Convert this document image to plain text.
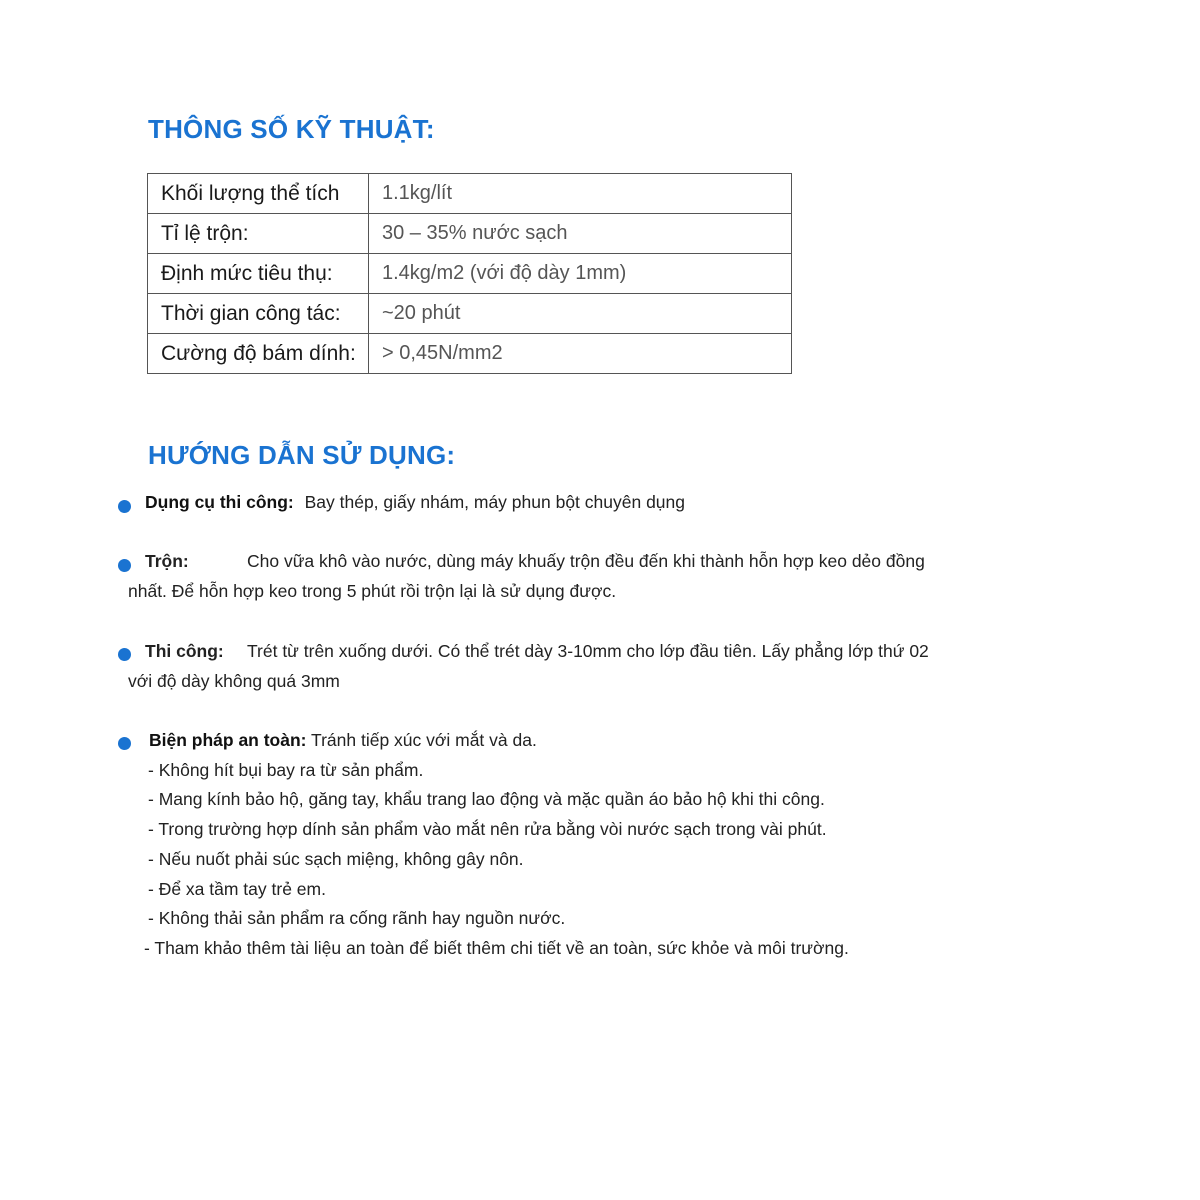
THÔNG SỐ KỸ THUẬT:
Khối lượng thể tích	1.1kg/lít
Tỉ lệ trộn:	30 – 35% nước sạch
Định mức tiêu thụ:	1.4kg/m2 (với độ dày 1mm)
Thời gian công tác:	~20 phút
Cường độ bám dính:	> 0,45N/mm2
HƯỚNG DẪN SỬ DỤNG:
Dụng cụ thi công: Bay thép, giấy nhám, máy phun bột chuyên dụng
Trộn:	Cho vữa khô vào nước, dùng máy khuấy trộn đều đến khi thành hỗn hợp keo dẻo đồng
nhất. Để hỗn hợp keo trong 5 phút rồi trộn lại là sử dụng được.
Thi công: Trét từ trên xuống dưới. Có thể trét dày 3-10mm cho lớp đầu tiên. Lấy phẳng lớp thứ 02
với độ dày không quá 3mm
Biện pháp an toàn: Tránh tiếp xúc với mắt và da.
- Không hít bụi bay ra từ sản phẩm.
- Mang kính bảo hộ, găng tay, khẩu trang lao động và mặc quần áo bảo hộ khi thi công.
- Trong trường hợp dính sản phẩm vào mắt nên rửa bằng vòi nước sạch trong vài phút.
- Nếu nuốt phải súc sạch miệng, không gây nôn.
- Để xa tầm tay trẻ em.
- Không thải sản phẩm ra cống rãnh hay nguồn nước.
- Tham khảo thêm tài liệu an toàn để biết thêm chi tiết về an toàn, sức khỏe và môi trường.
